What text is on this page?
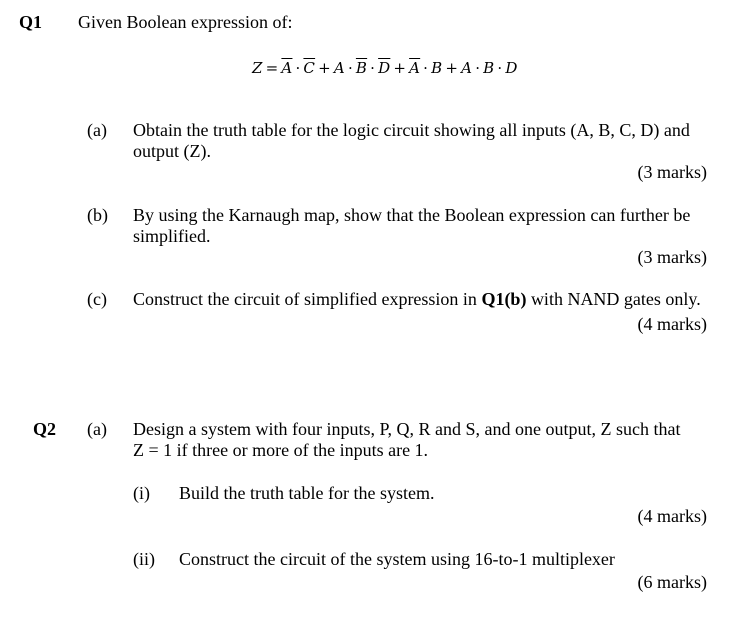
Q1 Given Boolean expression of:
$Z = \overline{A} \cdot \overline{C} + A \cdot \overline{B} \cdot \overline{D} + \overline{A} \cdot B + A \cdot B \cdot D$
(a) Obtain the truth table for the logic circuit showing all inputs (A, B, C, D) and
output (Z).
(3 marks)
(b) By using the Karnaugh map, show that the Boolean expression can further be
simplified.
(3 marks)
(c) Construct the circuit of simplified expression in Q1(b) with NAND gates only.
(4 marks)
Q2 (a) Design a system with four inputs, P, Q, R and S, and one output, Z such that
Z = 1 if three or more of the inputs are 1.
(i) Build the truth table for the system.
(4 marks)
(ii) Construct the circuit of the system using 16-to-1 multiplexer
(6 marks)
